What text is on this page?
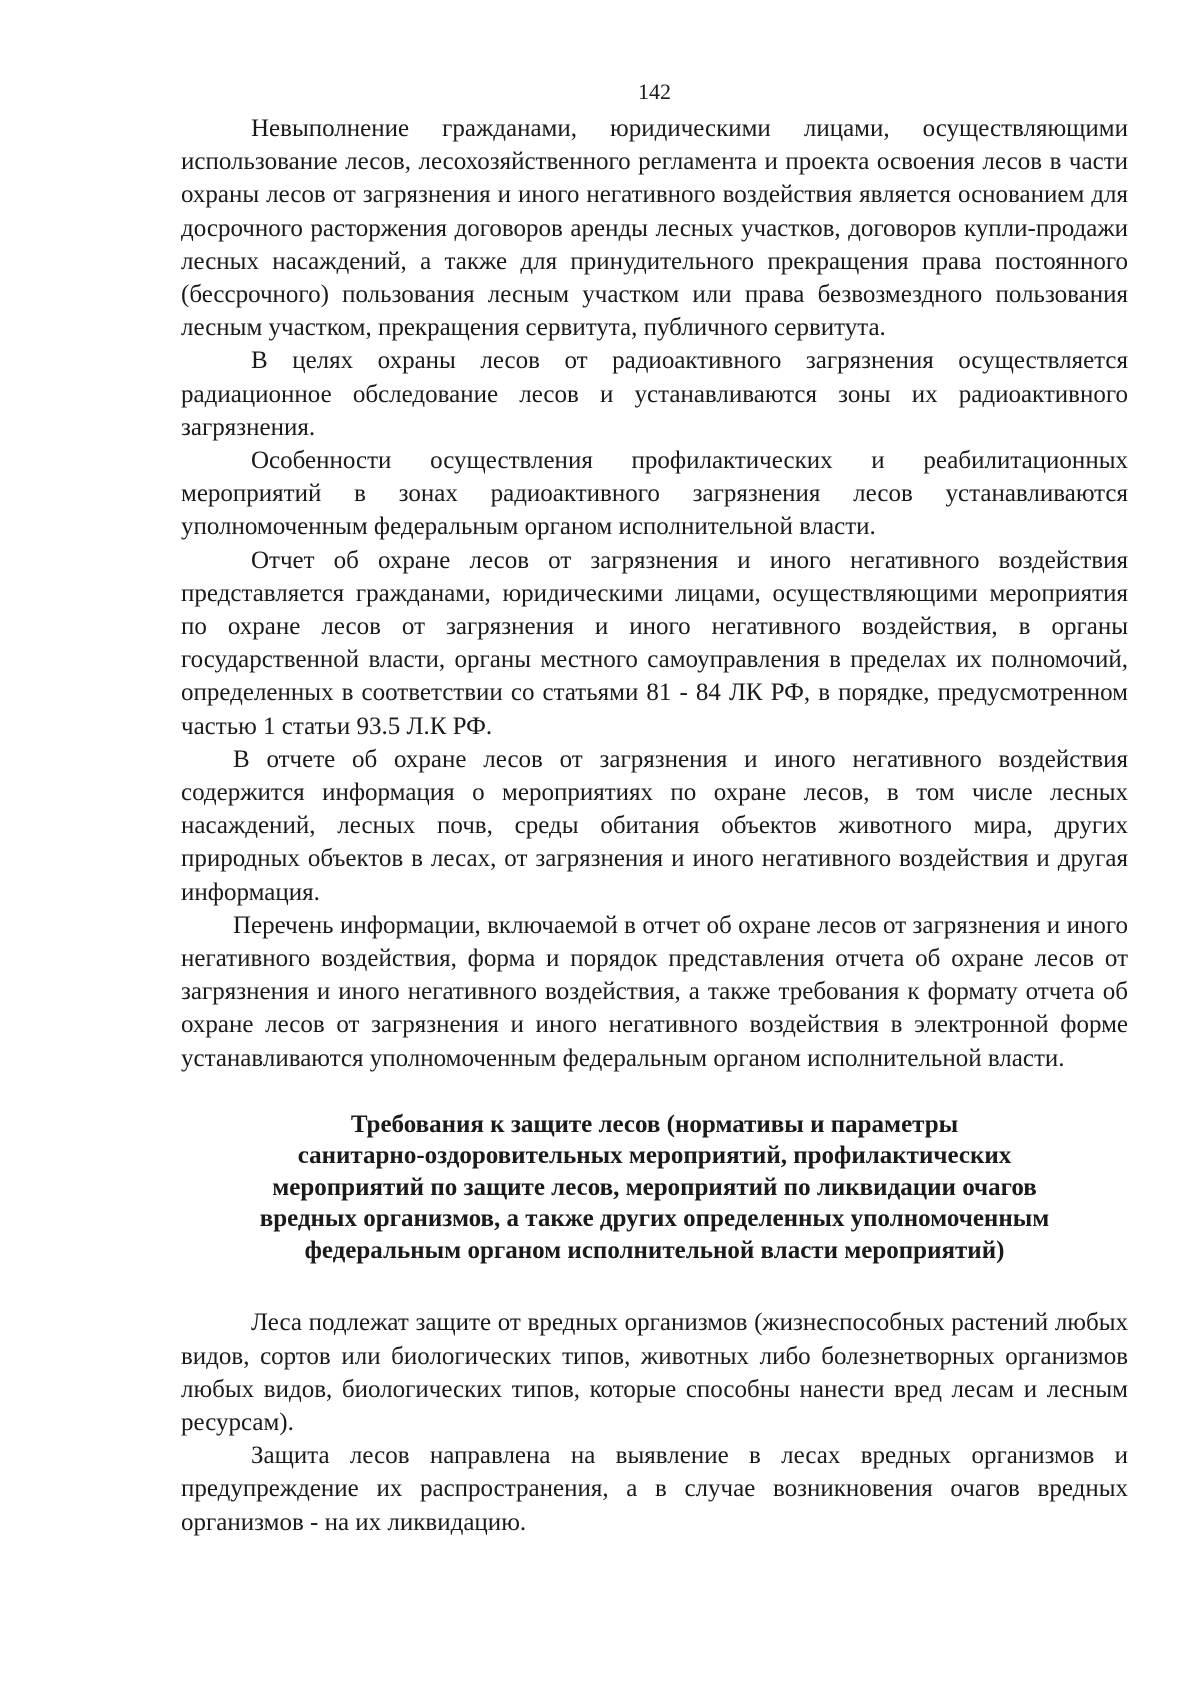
142

Невыполнение гражданами, юридическими лицами, осуществляющими использование лесов, лесохозяйственного регламента и проекта освоения лесов в части охраны лесов от загрязнения и иного негативного воздействия является основанием для досрочного расторжения договоров аренды лесных участков, договоров купли-продажи лесных насаждений, а также для принудительного прекращения права постоянного (бессрочного) пользования лесным участком или права безвозмездного пользования лесным участком, прекращения сервитута, публичного сервитута.

В целях охраны лесов от радиоактивного загрязнения осуществляется радиационное обследование лесов и устанавливаются зоны их радиоактивного загрязнения.

Особенности осуществления профилактических и реабилитационных мероприятий в зонах радиоактивного загрязнения лесов устанавливаются уполномоченным федеральным органом исполнительной власти.

Отчет об охране лесов от загрязнения и иного негативного воздействия представляется гражданами, юридическими лицами, осуществляющими мероприятия по охране лесов от загрязнения и иного негативного воздействия, в органы государственной власти, органы местного самоуправления в пределах их полномочий, определенных в соответствии со статьями 81 - 84 ЛК РФ, в порядке, предусмотренном частью 1 статьи 93.5 Л.К РФ.

В отчете об охране лесов от загрязнения и иного негативного воздействия содержится информация о мероприятиях по охране лесов, в том числе лесных насаждений, лесных почв, среды обитания объектов животного мира, других природных объектов в лесах, от загрязнения и иного негативного воздействия и другая информация.

Перечень информации, включаемой в отчет об охране лесов от загрязнения и иного негативного воздействия, форма и порядок представления отчета об охране лесов от загрязнения и иного негативного воздействия, а также требования к формату отчета об охране лесов от загрязнения и иного негативного воздействия в электронной форме устанавливаются уполномоченным федеральным органом исполнительной власти.

Требования к защите лесов (нормативы и параметры
санитарно-оздоровительных мероприятий, профилактических
мероприятий по защите лесов, мероприятий по ликвидации очагов
вредных организмов, а также других определенных уполномоченным
федеральным органом исполнительной власти мероприятий)

Леса подлежат защите от вредных организмов (жизнеспособных растений любых видов, сортов или биологических типов, животных либо болезнетворных организмов любых видов, биологических типов, которые способны нанести вред лесам и лесным ресурсам).

Защита лесов направлена на выявление в лесах вредных организмов и предупреждение их распространения, а в случае возникновения очагов вредных организмов - на их ликвидацию.
